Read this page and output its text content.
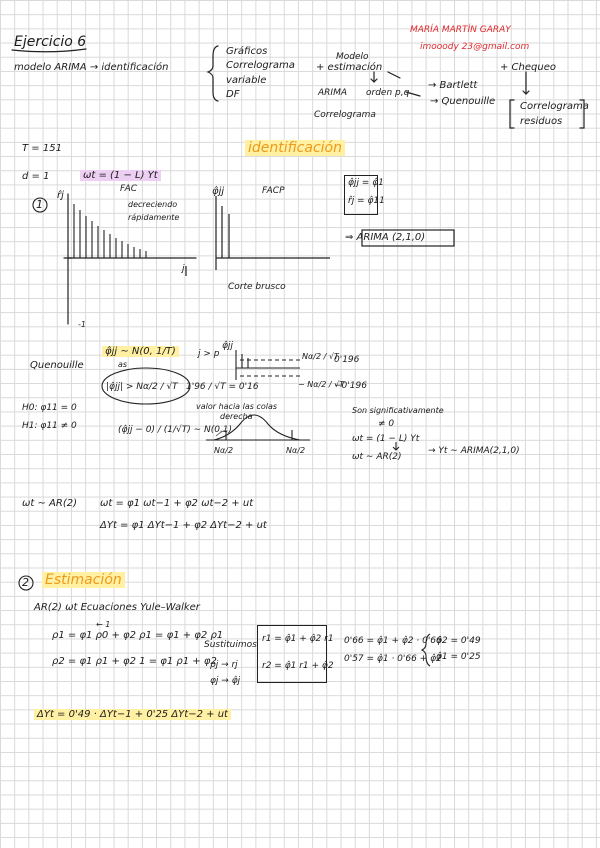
Ejercicio 6
MARÍA MARTÍN GARAY
imooody 23@gmail.com
modelo ARIMA → identificación
Gráficos
Correlograma
variable
DF
Modelo
+ estimación	+ Chequeo
ARIMA orden p,q
Correlograma
→ Bartlett
→ Quenouille Correlograma
residuos
T = 151	identificación
d = 1	ωt = (1 − L) Yt
1
r̂j
FAC
decreciendo
rápidamente
φ̂jj	FACP
Corte brusco
j
-1
φ̂jj = φ̂1
r̂j = φ̂11
⇒ ARIMA (2,1,0)
Quenouille
φ̂jj ∼ N(0, 1/T)
as
j > p
|φ̂jj| > Nα/2 / √T 1'96 / √T = 0'16
H0: φ11 = 0
H1: φ11 ≠ 0	(φ̂jj − 0) / (1/√T) ∼ N(0,1)
valor hacia las colas
derecha
φ̂jj
Nα/2 / √T
0'196
− Nα/2 / √T
−0'196
Nα/2	Nα/2
Son significativamente
≠ 0
ωt = (1 − L) Yt
ωt ∼ AR(2)
→ Yt ∼ ARIMA(2,1,0)
ωt ∼ AR(2) ωt = φ1 ωt−1 + φ2 ωt−2 + ut
ΔYt = φ1 ΔYt−1 + φ2 ΔYt−2 + ut
2 Estimación
AR(2) ωt Ecuaciones Yule–Walker
← 1
ρ1 = φ1 ρ0 + φ2 ρ1 = φ1 + φ2 ρ1
ρ2 = φ1 ρ1 + φ2 1 = φ1 ρ1 + φ2
Sustituimos
ρj → rj
φj → φ̂j
r1 = φ̂1 + φ̂2 r1
r2 = φ̂1 r1 + φ̂2
0'66 = φ̂1 + φ̂2 · 0'66
0'57 = φ̂1 · 0'66 + φ̂2
φ̂2 = 0'49
φ̂1 = 0'25
ΔYt = 0'49 · ΔYt−1 + 0'25 ΔYt−2 + ut
